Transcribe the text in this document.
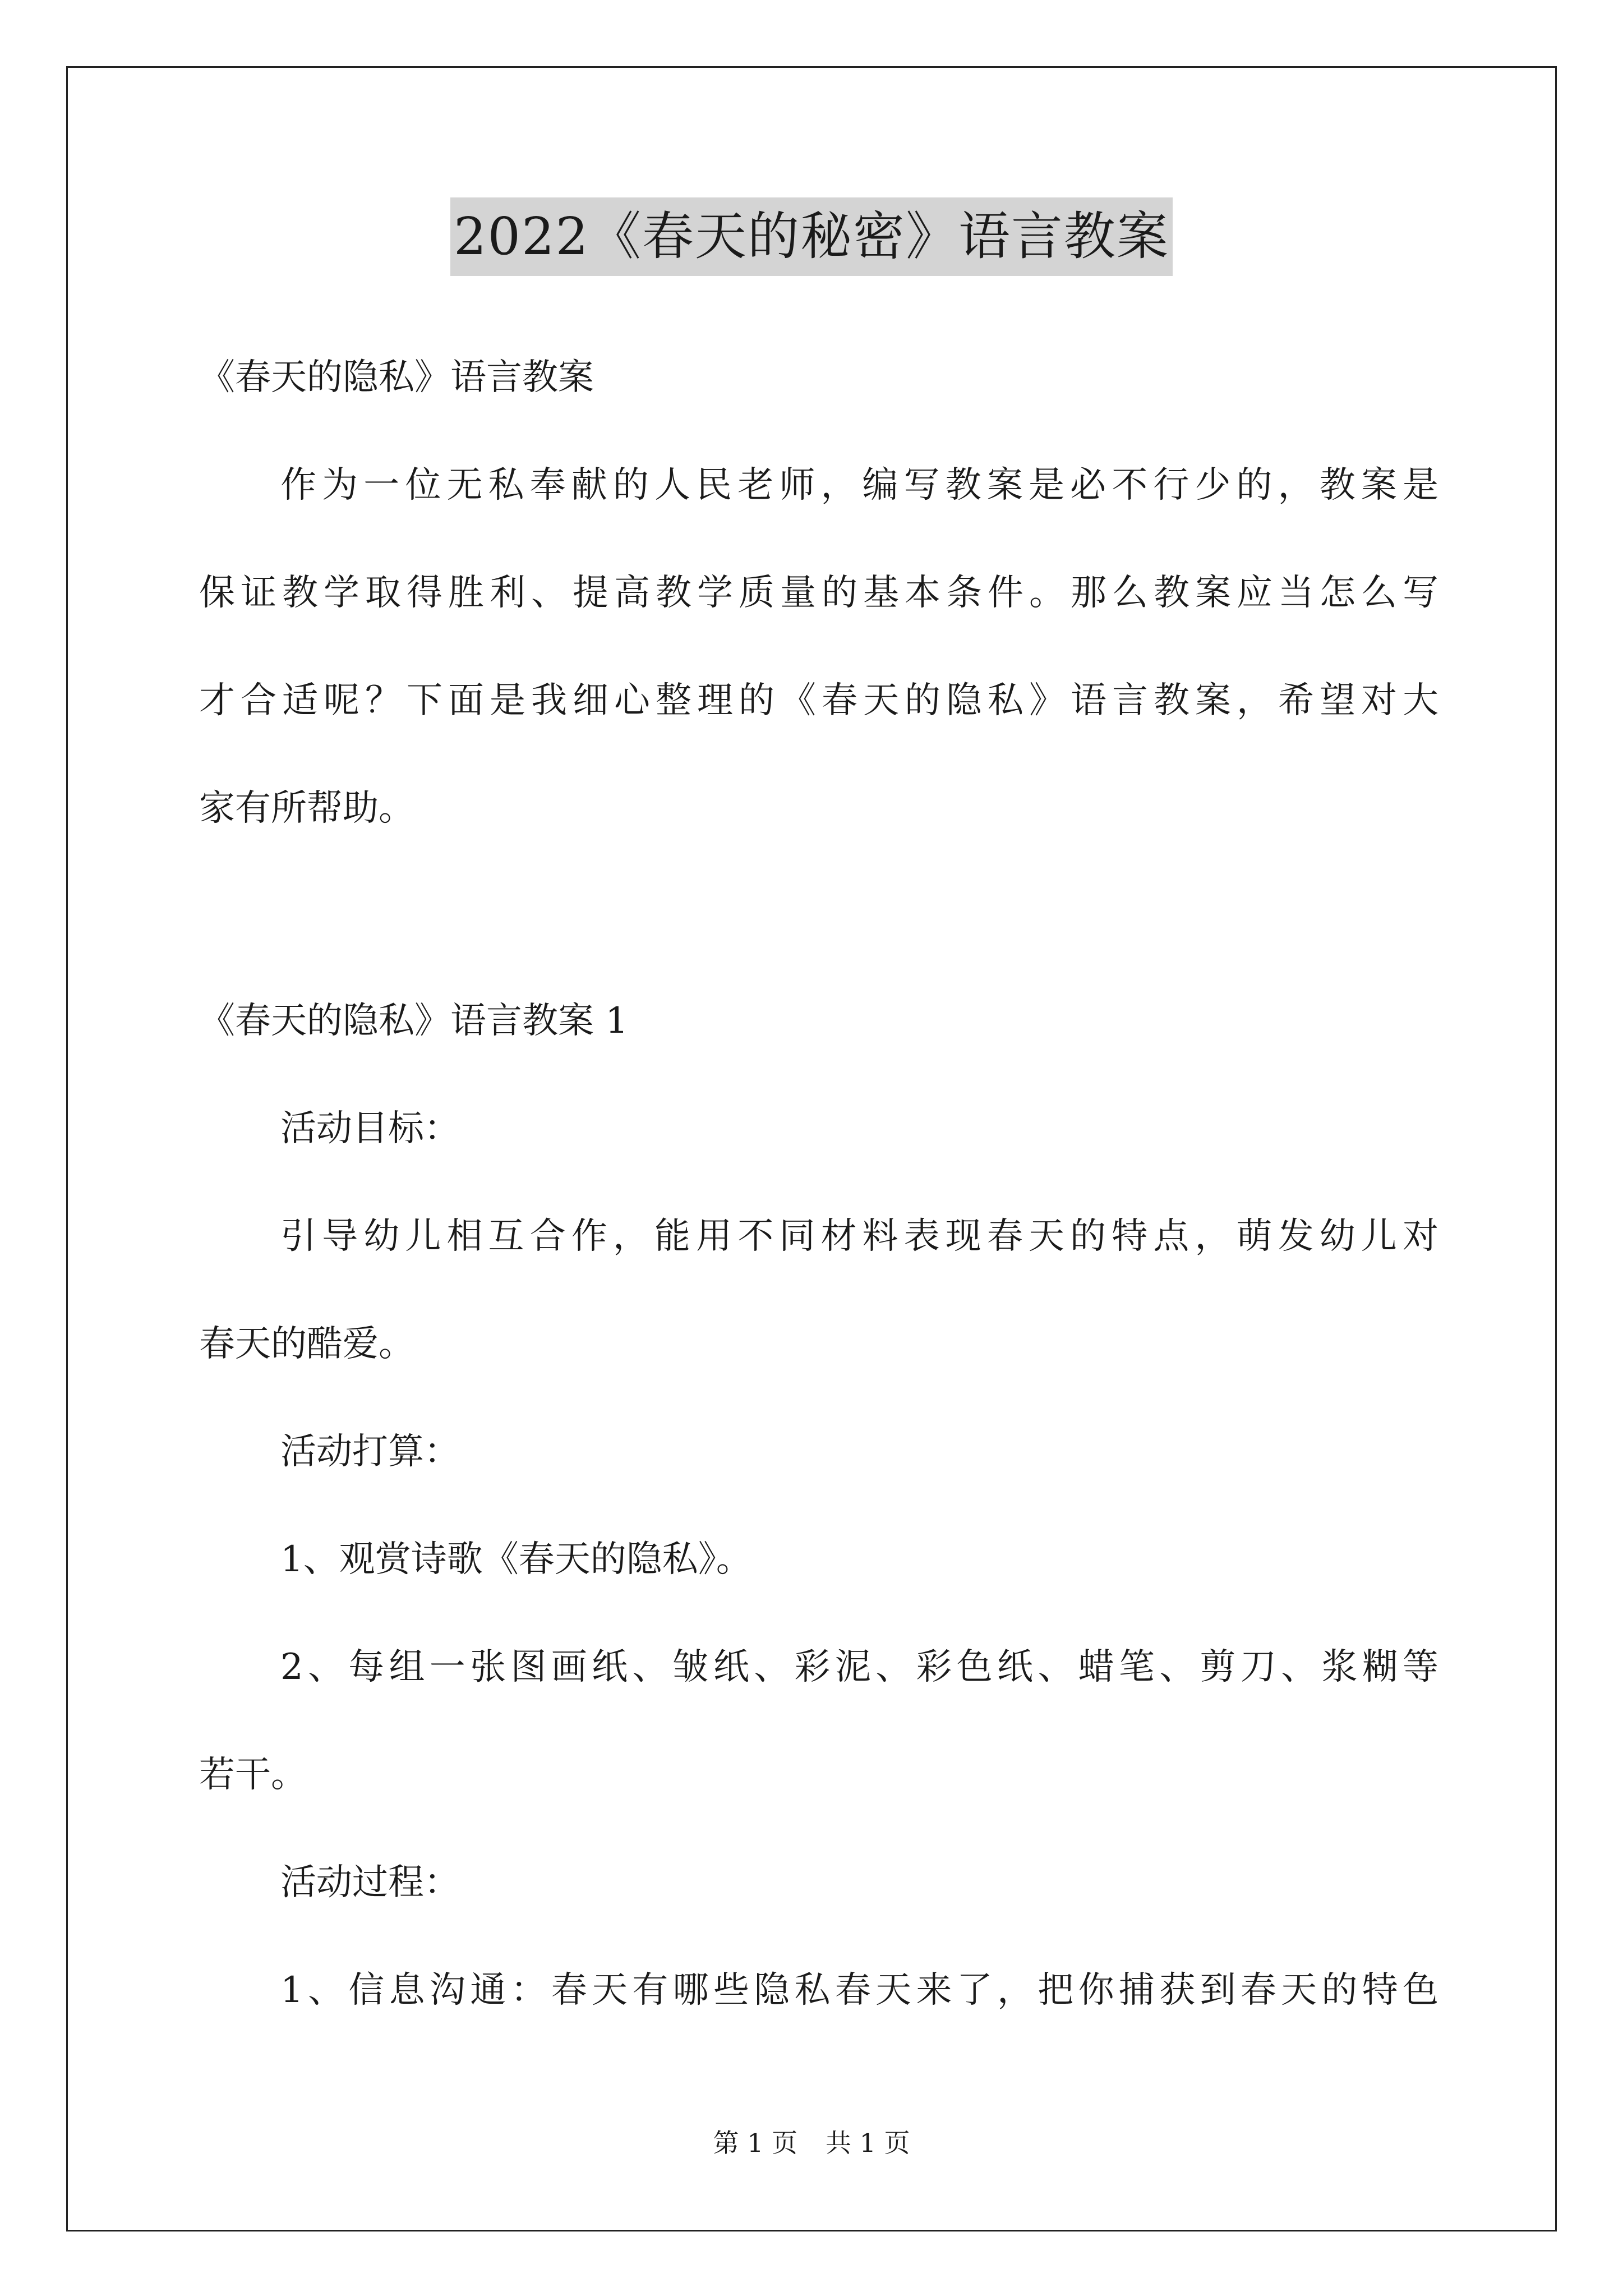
2022《春天的秘密》语言教案
《春天的隐私》语言教案
作为一位无私奉献的人民老师，编写教案是必不行少的，教案是
保证教学取得胜利、提高教学质量的基本条件。那么教案应当怎么写
才合适呢？下面是我细心整理的《春天的隐私》语言教案，希望对大
家有所帮助。
《春天的隐私》语言教案 1
活动目标：
引导幼儿相互合作，能用不同材料表现春天的特点，萌发幼儿对
春天的酷爱。
活动打算：
1、观赏诗歌《春天的隐私》。
2、每组一张图画纸、皱纸、彩泥、彩色纸、蜡笔、剪刀、浆糊等
若干。
活动过程：
1、信息沟通：春天有哪些隐私春天来了，把你捕获到春天的特色
第 1 页 共 1 页
